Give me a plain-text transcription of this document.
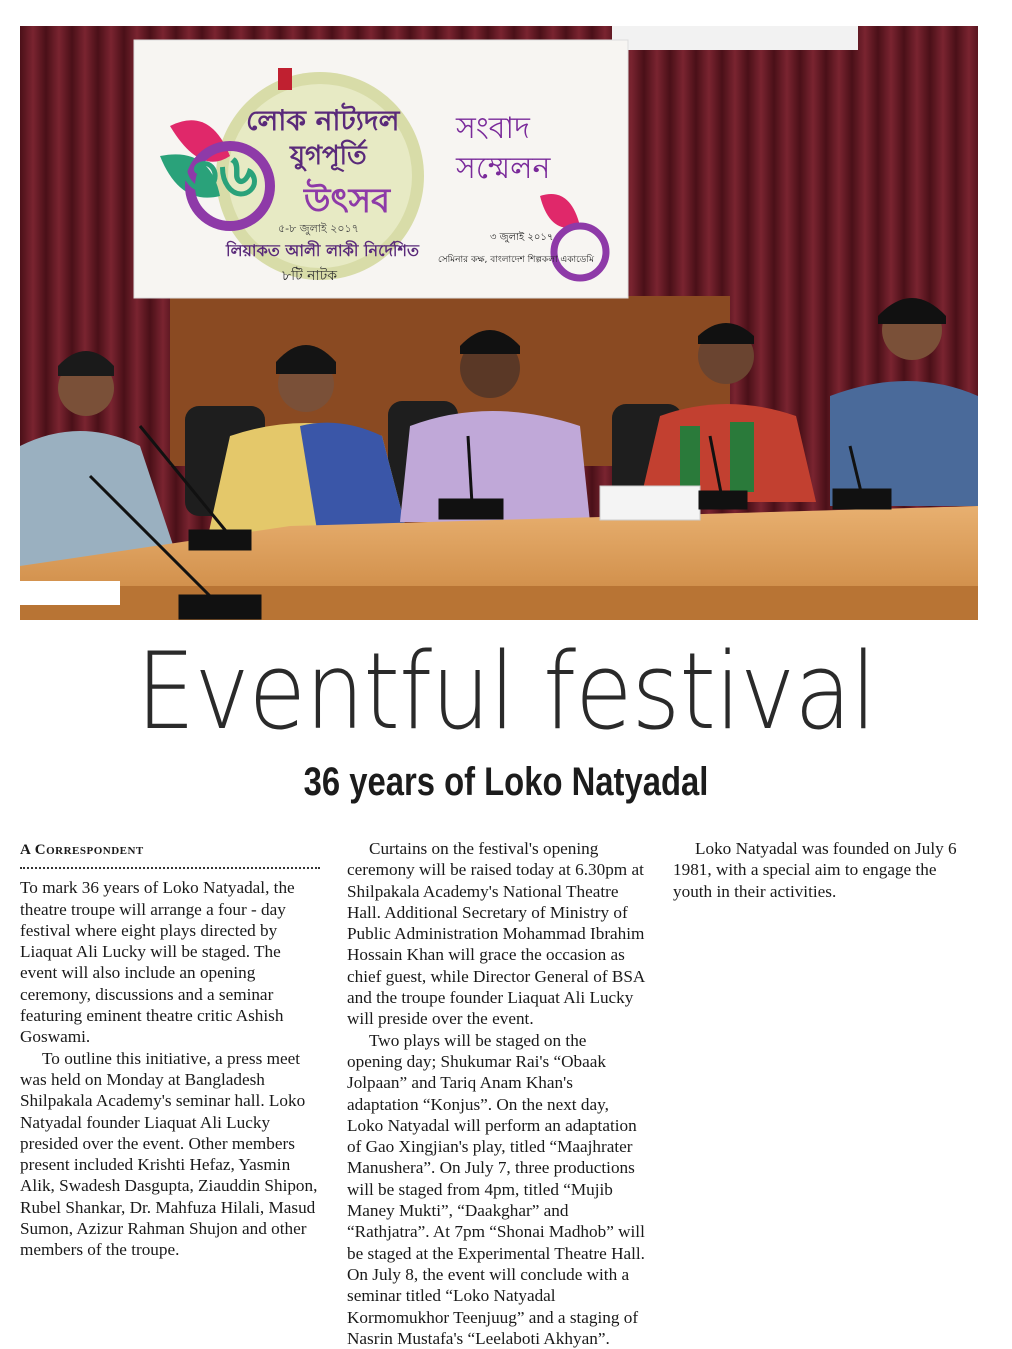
লোক নাট্যদল
৩৬ যুগপূর্তি
উৎসব
৫-৮ জুলাই ২০১৭
লিয়াকত আলী লাকী নির্দেশিত
৮টি নাটক
সংবাদ
সম্মেলন
৩ জুলাই ২০১৭
সেমিনার কক্ষ, বাংলাদেশ শিল্পকলা একাডেমি
Eventful festival
36 years of Loko Natyadal
A Correspondent

To mark 36 years of Loko Natyadal, the theatre troupe will arrange a four - day festival where eight plays directed by Liaquat Ali Lucky will be staged. The event will also include an opening ceremony, discussions and a seminar featuring eminent theatre critic Ashish Goswami.

To outline this initiative, a press meet was held on Monday at Bangladesh Shilpakala Academy's seminar hall. Loko Natyadal founder Liaquat Ali Lucky presided over the event. Other members present included Krishti Hefaz, Yasmin Alik, Swadesh Dasgupta, Ziauddin Shipon, Rubel Shankar, Dr. Mahfuza Hilali, Masud Sumon, Azizur Rahman Shujon and other members of the troupe.

Curtains on the festival's opening ceremony will be raised today at 6.30pm at Shilpakala Academy's National Theatre Hall. Additional Secretary of Ministry of Public Administration Mohammad Ibrahim Hossain Khan will grace the occasion as chief guest, while Director General of BSA and the troupe founder Liaquat Ali Lucky will preside over the event.

Two plays will be staged on the opening day; Shukumar Rai's “Obaak Jolpaan” and Tariq Anam Khan's adaptation “Konjus”. On the next day, Loko Natyadal will perform an adaptation of Gao Xingjian's play, titled “Maajhrater Manushera”. On July 7, three productions will be staged from 4pm, titled “Mujib Maney Mukti”, “Daakghar” and “Rathjatra”. At 7pm “Shonai Madhob” will be staged at the Experimental Theatre Hall. On July 8, the event will conclude with a seminar titled “Loko Natyadal Kormomukhor Teenjuug” and a staging of Nasrin Mustafa's “Leelaboti Akhyan”.

Loko Natyadal was founded on July 6 1981, with a special aim to engage the youth in their activities.
